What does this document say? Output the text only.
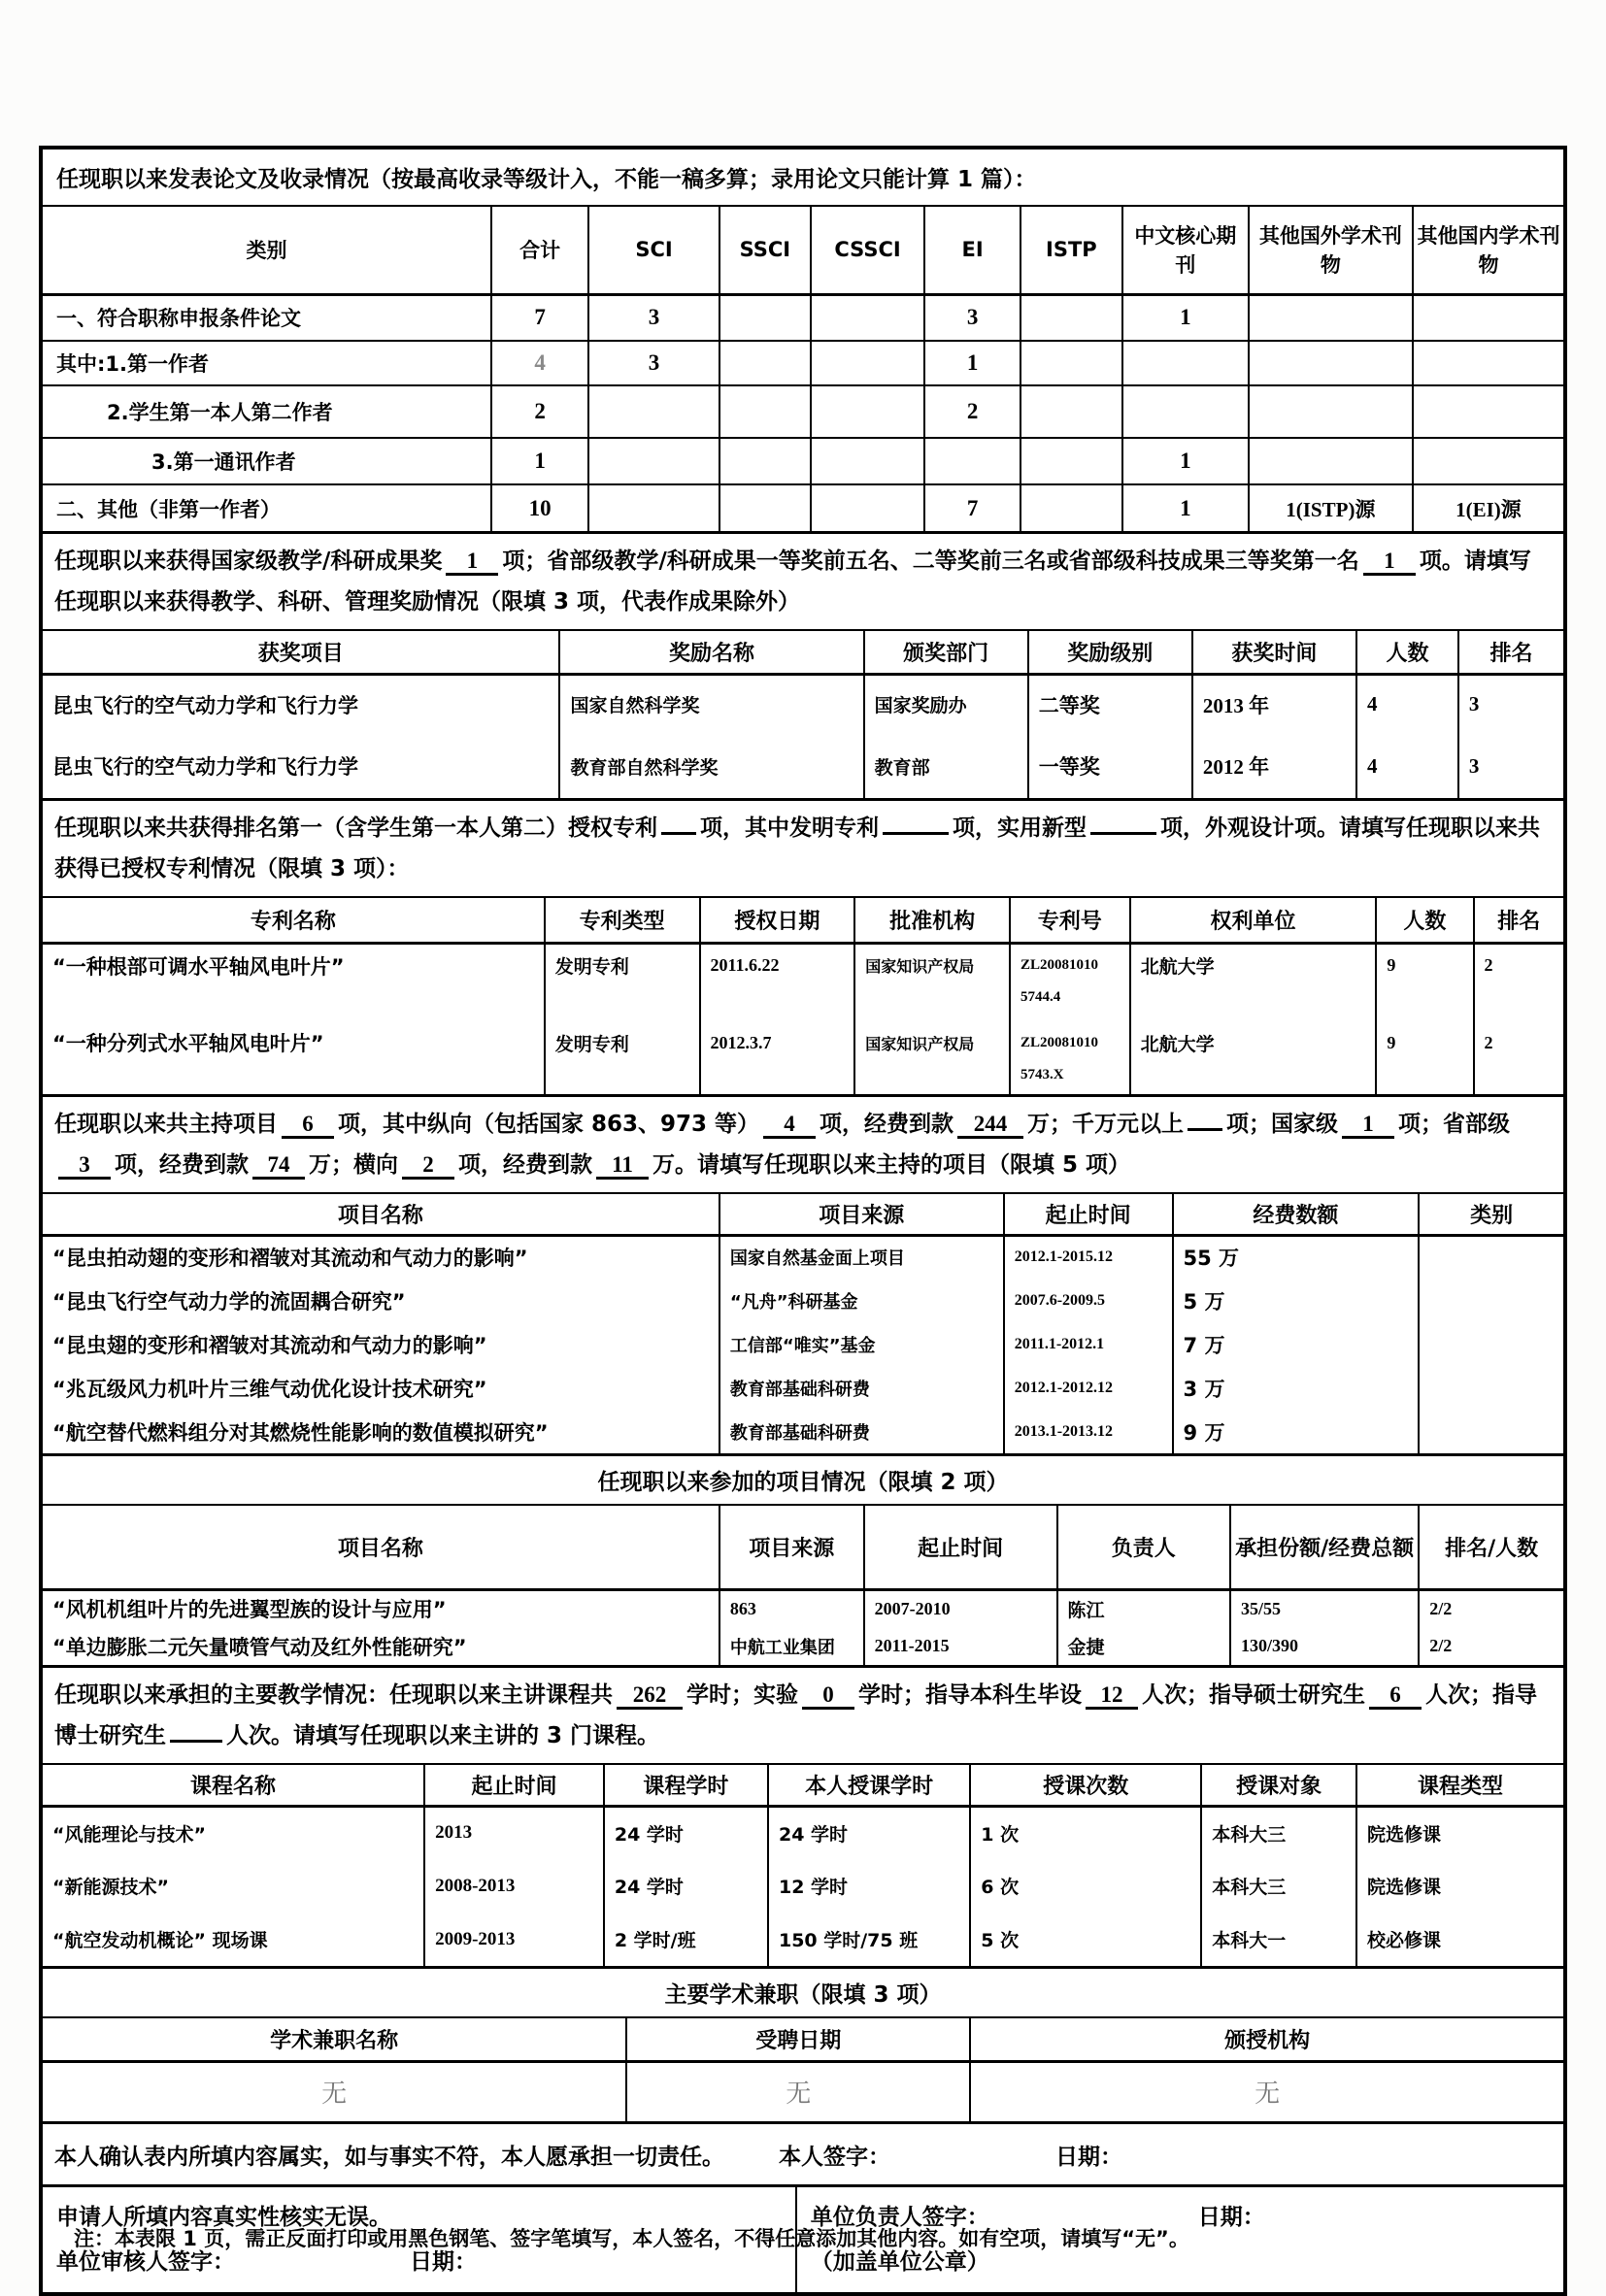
任现职以来发表论文及收录情况（按最高收录等级计入，不能一稿多算；录用论文只能计算 1 篇）：
类别	合计	SCI	SSCI	CSSCI	EI	ISTP	中文核心期刊	其他国外学术刊物	其他国内学术刊物
一、符合职称申报条件论文	7	3			3		1		
其中:1.第一作者	4	3			1				
2.学生第一本人第二作者	2				2				
3.第一通讯作者	1						1		
二、其他（非第一作者）	10				7		1	1(ISTP)源	1(EI)源
任现职以来获得国家级教学/科研成果奖 1 项；省部级教学/科研成果一等奖前五名、二等奖前三名或省部级科技成果三等奖第一名 1 项。请填写任现职以来获得教学、科研、管理奖励情况（限填 3 项，代表作成果除外）
获奖项目	奖励名称	颁奖部门	奖励级别	获奖时间	人数	排名
昆虫飞行的空气动力学和飞行力学	国家自然科学奖	国家奖励办	二等奖	2013 年	4	3
昆虫飞行的空气动力学和飞行力学	教育部自然科学奖	教育部	一等奖	2012 年	4	3
任现职以来共获得排名第一（含学生第一本人第二）授权专利 项，其中发明专利	项，实用新型	项，外观设计项。请填写任现职以来共获得已授权专利情况（限填 3 项）：
专利名称	专利类型	授权日期	批准机构	专利号	权利单位	人数	排名
“一种根部可调水平轴风电叶片”	发明专利	2011.6.22	国家知识产权局	ZL20081010	北航大学	9	2
				5744.4			
“一种分列式水平轴风电叶片”	发明专利	2012.3.7	国家知识产权局	ZL20081010	北航大学	9	2
				5743.X			
任现职以来共主持项目 6 项，其中纵向（包括国家 863、973 等） 4 项，经费到款 244 万；千万元以上 项；国家级 1 项；省部级3 项，经费到款 74 万；横向 2 项，经费到款 11 万。请填写任现职以来主持的项目（限填 5 项）
项目名称	项目来源	起止时间	经费数额	类别
“昆虫拍动翅的变形和褶皱对其流动和气动力的影响”	国家自然基金面上项目	2012.1-2015.12	55 万	
“昆虫飞行空气动力学的流固耦合研究”	“凡舟”科研基金	2007.6-2009.5	5 万	
“昆虫翅的变形和褶皱对其流动和气动力的影响”	工信部“唯实”基金	2011.1-2012.1	7 万	
“兆瓦级风力机叶片三维气动优化设计技术研究”	教育部基础科研费	2012.1-2012.12	3 万	
“航空替代燃料组分对其燃烧性能影响的数值模拟研究”	教育部基础科研费	2013.1-2013.12	9 万	
任现职以来参加的项目情况（限填 2 项）
项目名称	项目来源	起止时间	负责人	承担份额/经费总额	排名/人数
“风机机组叶片的先进翼型族的设计与应用”	863	2007-2010	陈江	35/55	2/2
“单边膨胀二元矢量喷管气动及红外性能研究”	中航工业集团	2011-2015	金捷	130/390	2/2
任现职以来承担的主要教学情况：任现职以来主讲课程共 262 学时；实验 0 学时；指导本科生毕设 12 人次；指导硕士研究生 6 人次；指导博士研究生	人次。请填写任现职以来主讲的 3 门课程。
课程名称	起止时间	课程学时	本人授课学时	授课次数	授课对象	课程类型
“风能理论与技术”	2013	24 学时	24 学时	1 次	本科大三	院选修课
“新能源技术”	2008-2013	24 学时	12 学时	6 次	本科大三	院选修课
“航空发动机概论” 现场课	2009-2013	2 学时/班	150 学时/75 班	5 次	本科大一	校必修课
主要学术兼职（限填 3 项）
学术兼职名称	受聘日期	颁授机构
无	无	无
本人确认表内所填内容属实，如与事实不符，本人愿承担一切责任。 本人签字：	日期：
申请人所填内容真实性核实无误。
单位审核人签字：	日期：
单位负责人签字：	日期：
（加盖单位公章）
注：本表限 1 页，需正反面打印或用黑色钢笔、签字笔填写，本人签名，不得任意添加其他内容。如有空项，请填写“无”。
